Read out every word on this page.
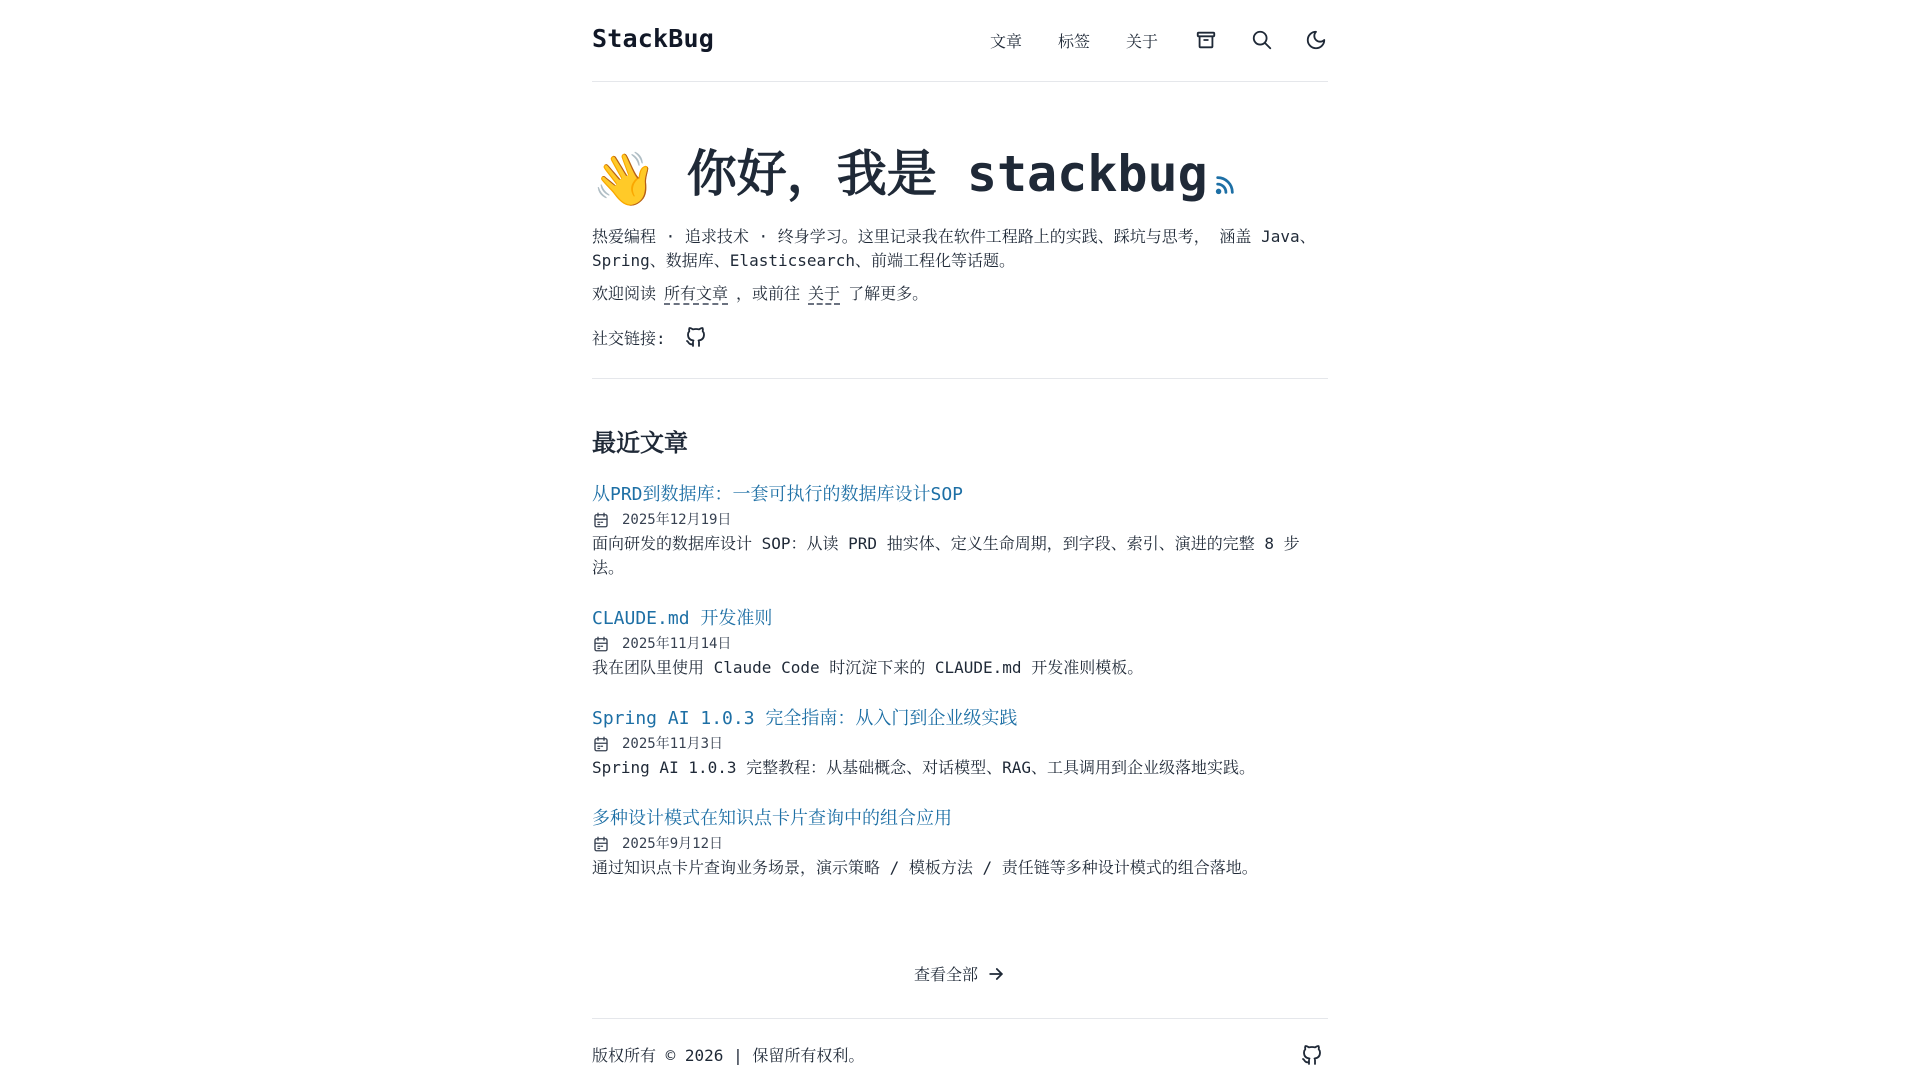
StackBug	文章 标签 关于
👋 你好，我是 stackbug
热爱编程 · 追求技术 · 终身学习。这里记录我在软件工程路上的实践、踩坑与思考， 涵盖 Java、Spring、数据库、Elasticsearch、前端工程化等话题。
欢迎阅读 所有文章 ，或前往 关于 了解更多。
社交链接:
最近文章
从PRD到数据库：一套可执行的数据库设计SOP
2025年12月19日
面向研发的数据库设计 SOP：从读 PRD 抽实体、定义生命周期，到字段、索引、演进的完整 8 步法。
CLAUDE.md 开发准则
2025年11月14日
我在团队里使用 Claude Code 时沉淀下来的 CLAUDE.md 开发准则模板。
Spring AI 1.0.3 完全指南：从入门到企业级实践
2025年11月3日
Spring AI 1.0.3 完整教程：从基础概念、对话模型、RAG、工具调用到企业级落地实践。
多种设计模式在知识点卡片查询中的组合应用
2025年9月12日
通过知识点卡片查询业务场景，演示策略 / 模板方法 / 责任链等多种设计模式的组合落地。
查看全部
版权所有 © 2026 | 保留所有权利。
